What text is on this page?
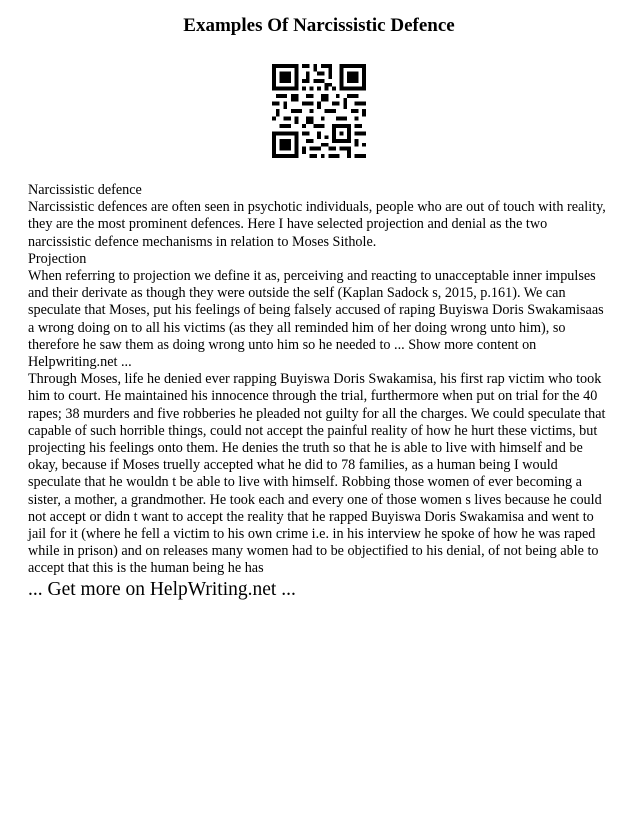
Examples Of Narcissistic Defence

Narcissistic defence

Narcissistic defences are often seen in psychotic individuals, people who are out of touch with reality, they are the most prominent defences. Here I have selected projection and denial as the two narcissistic defence mechanisms in relation to Moses Sithole.

Projection

When referring to projection we define it as, perceiving and reacting to unacceptable inner impulses and their derivate as though they were outside the self (Kaplan Sadock s, 2015, p.161). We can speculate that Moses, put his feelings of being falsely accused of raping Buyiswa Doris Swakamisaas a wrong doing on to all his victims (as they all reminded him of her doing wrong unto him), so therefore he saw them as doing wrong unto him so he needed to ... Show more content on Helpwriting.net ...

Through Moses, life he denied ever rapping Buyiswa Doris Swakamisa, his first rap victim who took him to court. He maintained his innocence through the trial, furthermore when put on trial for the 40 rapes; 38 murders and five robberies he pleaded not guilty for all the charges. We could speculate that capable of such horrible things, could not accept the painful reality of how he hurt these victims, but projecting his feelings onto them. He denies the truth so that he is able to live with himself and be okay, because if Moses truelly accepted what he did to 78 families, as a human being I would speculate that he wouldn t be able to live with himself. Robbing those women of ever becoming a sister, a mother, a grandmother. He took each and every one of those women s lives because he could not accept or didn t want to accept the reality that he rapped Buyiswa Doris Swakamisa and went to jail for it (where he fell a victim to his own crime i.e. in his interview he spoke of how he was raped while in prison) and on releases many women had to be objectified to his denial, of not being able to accept that this is the human being he has

... Get more on HelpWriting.net ...
